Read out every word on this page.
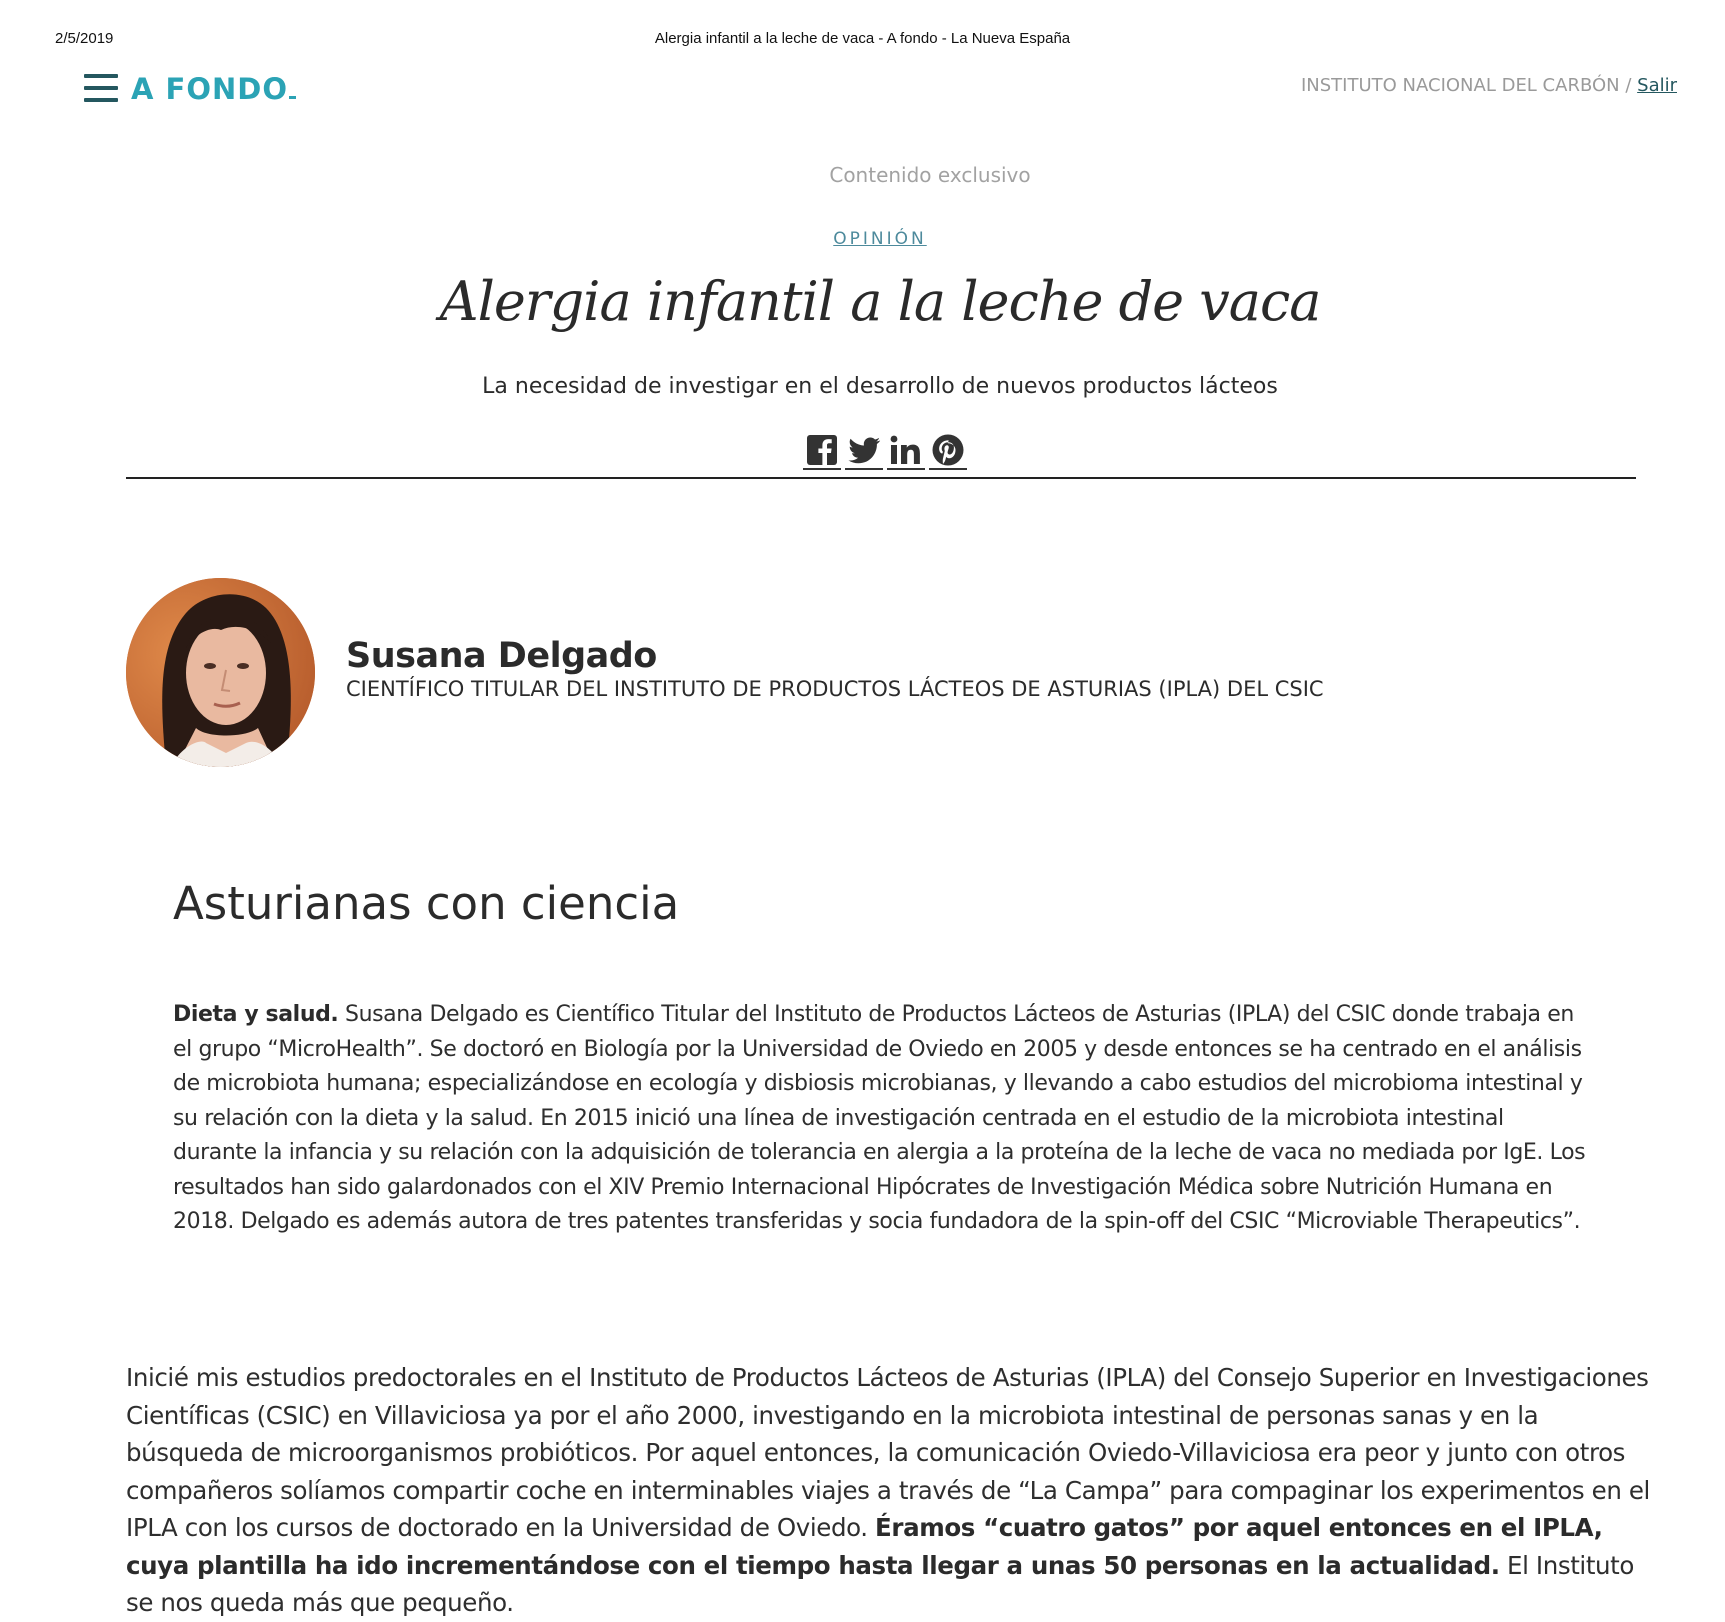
2/5/2019	Alergia infantil a la leche de vaca - A fondo - La Nueva España
A FONDO	INSTITUTO NACIONAL DEL CARBÓN / Salir
Contenido exclusivo
OPINIÓN
Alergia infantil a la leche de vaca
La necesidad de investigar en el desarrollo de nuevos productos lácteos
Susana Delgado
CIENTÍFICO TITULAR DEL INSTITUTO DE PRODUCTOS LÁCTEOS DE ASTURIAS (IPLA) DEL CSIC
Asturianas con ciencia
Dieta y salud. Susana Delgado es Científico Titular del Instituto de Productos Lácteos de Asturias (IPLA) del CSIC donde trabaja en el grupo “MicroHealth”. Se doctoró en Biología por la Universidad de Oviedo en 2005 y desde entonces se ha centrado en el análisis de microbiota humana; especializándose en ecología y disbiosis microbianas, y llevando a cabo estudios del microbioma intestinal y su relación con la dieta y la salud. En 2015 inició una línea de investigación centrada en el estudio de la microbiota intestinal durante la infancia y su relación con la adquisición de tolerancia en alergia a la proteína de la leche de vaca no mediada por IgE. Los resultados han sido galardonados con el XIV Premio Internacional Hipócrates de Investigación Médica sobre Nutrición Humana en 2018. Delgado es además autora de tres patentes transferidas y socia fundadora de la spin-off del CSIC “Microviable Therapeutics”.
Inicié mis estudios predoctorales en el Instituto de Productos Lácteos de Asturias (IPLA) del Consejo Superior en Investigaciones Científicas (CSIC) en Villaviciosa ya por el año 2000, investigando en la microbiota intestinal de personas sanas y en la búsqueda de microorganismos probióticos. Por aquel entonces, la comunicación Oviedo-Villaviciosa era peor y junto con otros compañeros solíamos compartir coche en interminables viajes a través de “La Campa” para compaginar los experimentos en el IPLA con los cursos de doctorado en la Universidad de Oviedo. Éramos “cuatro gatos” por aquel entonces en el IPLA, cuya plantilla ha ido incrementándose con el tiempo hasta llegar a unas 50 personas en la actualidad. El Instituto se nos queda más que pequeño.
